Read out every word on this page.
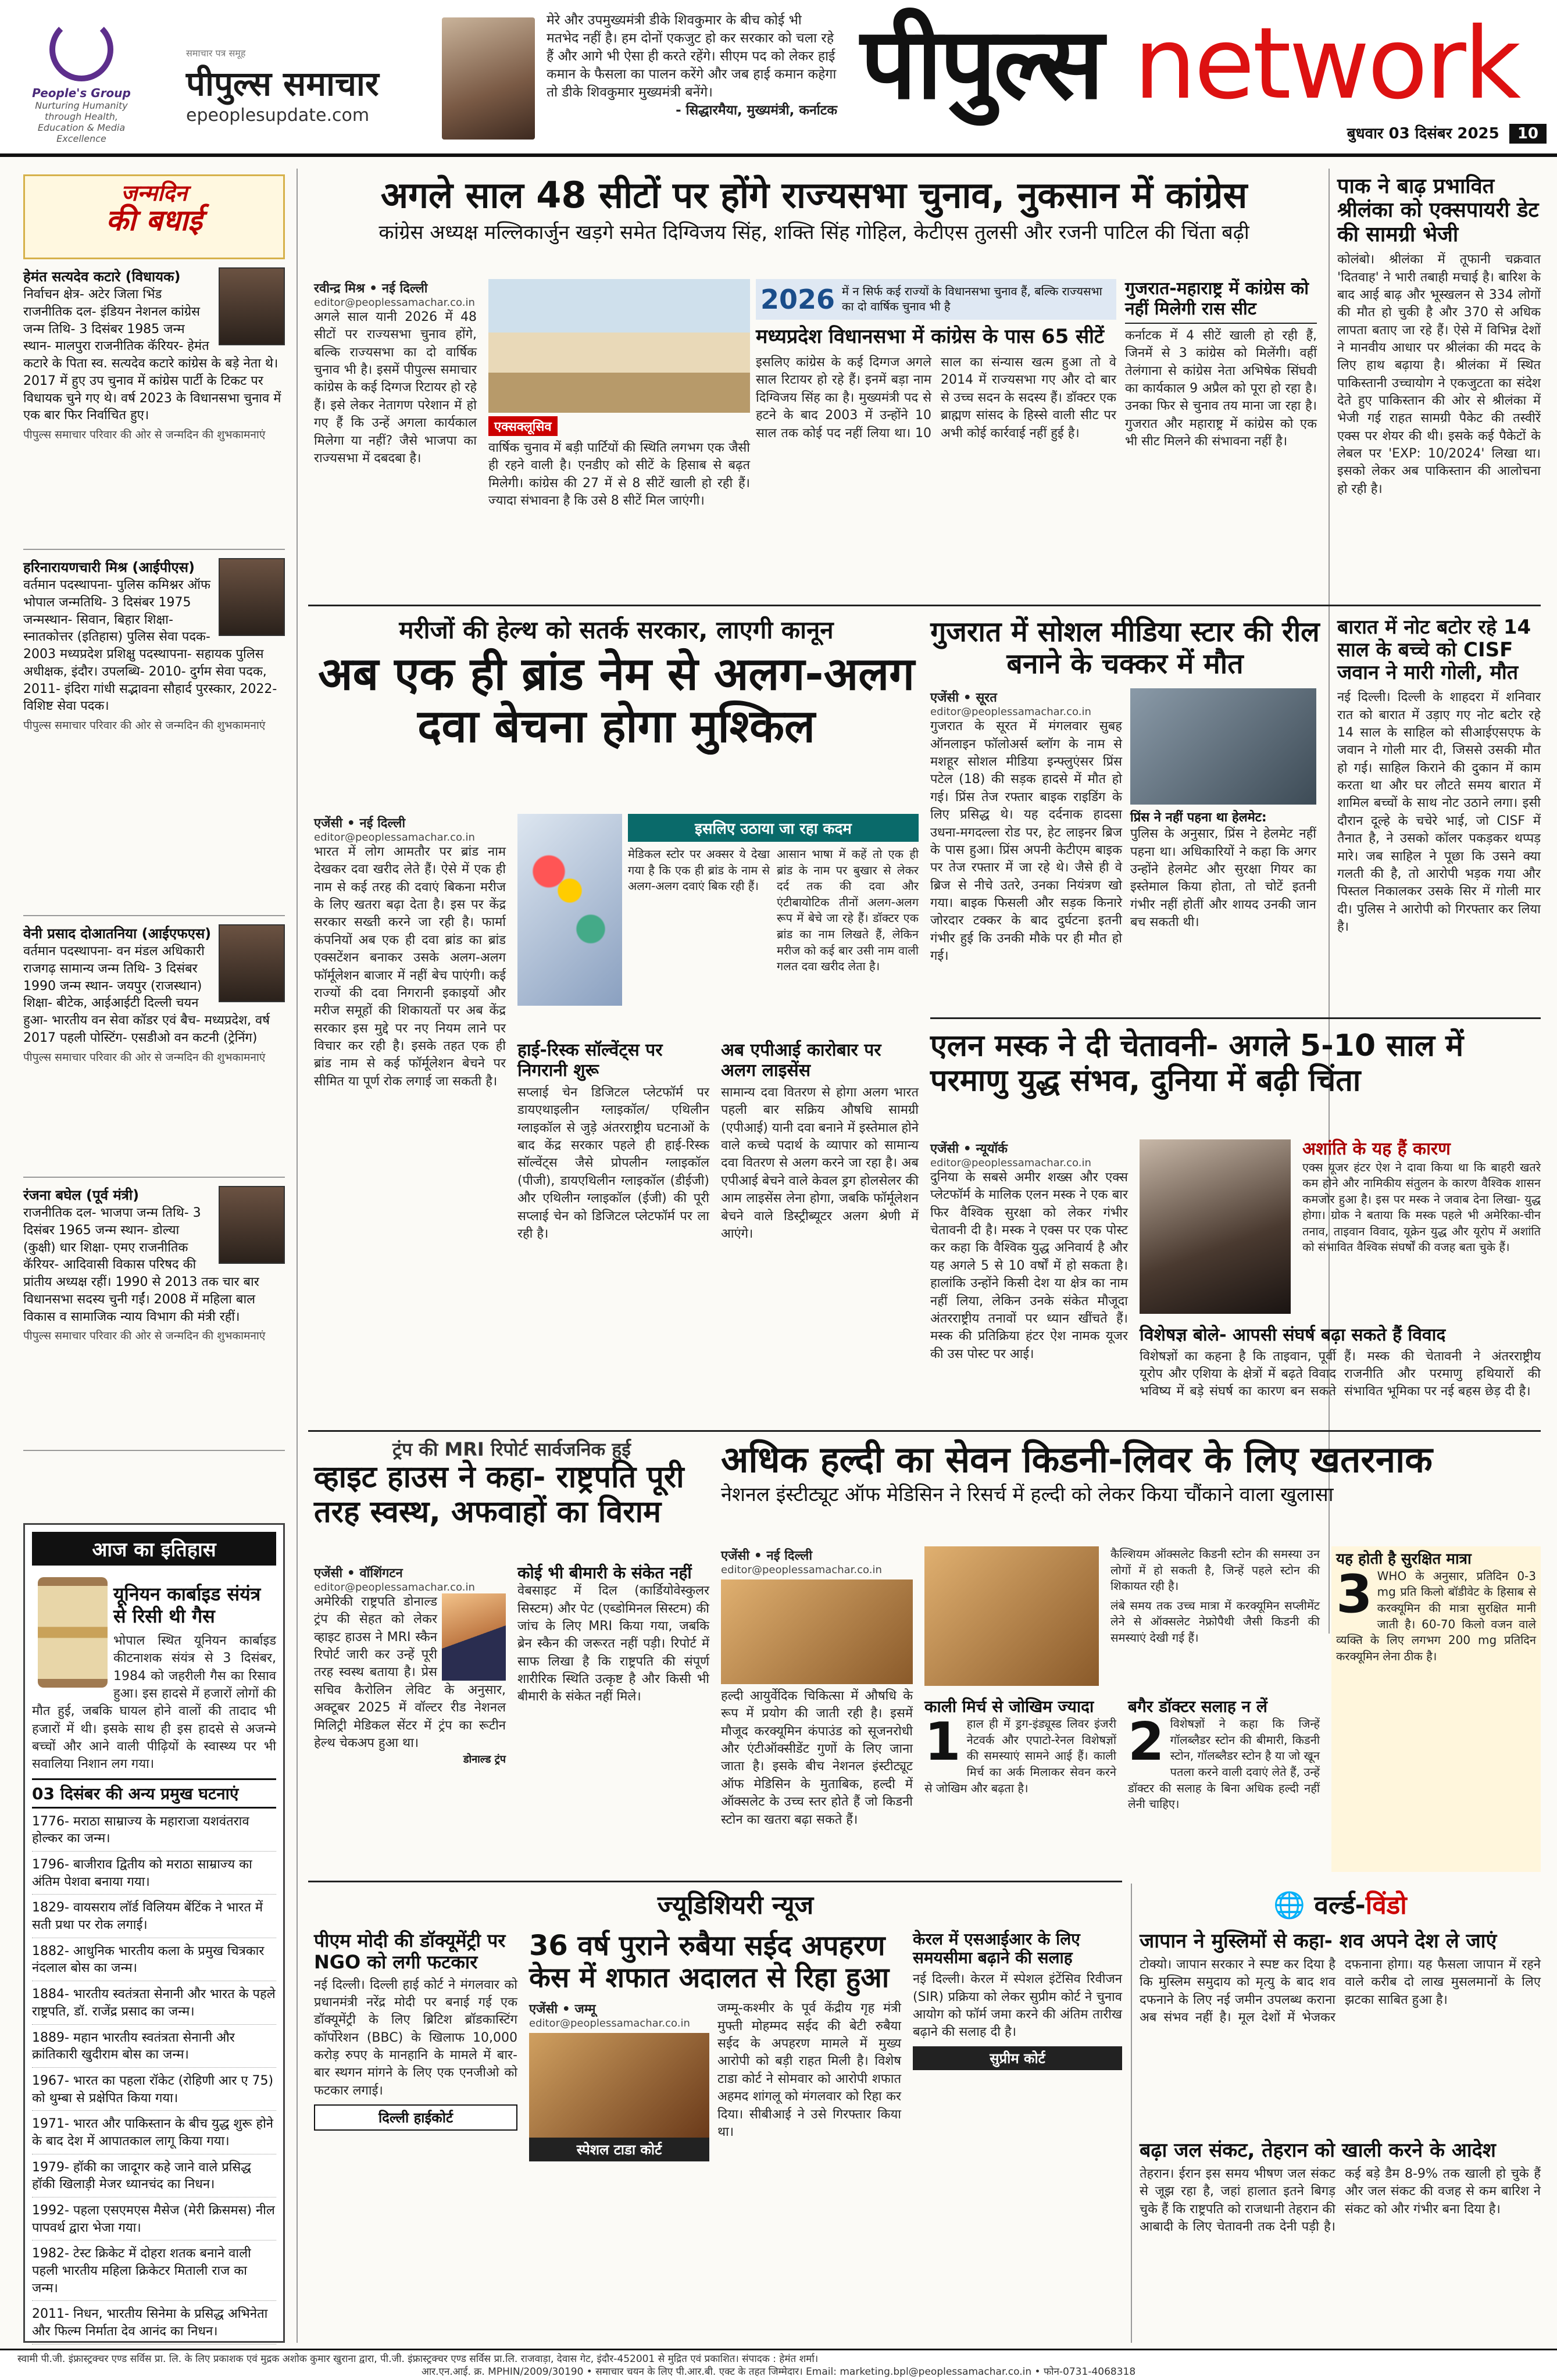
People's Group
Nurturing Humanity through Health, Education & Media Excellence
समाचार पत्र समूह
पीपुल्स समाचार
epeoplesupdate.com
मेरे और उपमुख्यमंत्री डीके शिवकुमार के बीच कोई भी मतभेद नहीं है। हम दोनों एकजुट हो कर सरकार को चला रहे हैं और आगे भी ऐसा ही करते रहेंगे। सीएम पद को लेकर हाई कमान के फैसला का पालन करेंगे और जब हाई कमान कहेगा तो डीके शिवकुमार मुख्यमंत्री बनेंगे।
- सिद्धारमैया, मुख्यमंत्री, कर्नाटक पीपुल्स network
बुधवार 03 दिसंबर 2025 10
जन्मदिन
की बधाई
हेमंत सत्यदेव कटारे (विधायक)
निर्वाचन क्षेत्र- अटेर जिला भिंड राजनीतिक दल- इंडियन नेशनल कांग्रेस जन्म तिथि- 3 दिसंबर 1985 जन्म स्थान- मालपुरा राजनीतिक कॅरियर- हेमंत कटारे के पिता स्व. सत्यदेव कटारे कांग्रेस के बड़े नेता थे। 2017 में हुए उप चुनाव में कांग्रेस पार्टी के टिकट पर विधायक चुने गए थे। वर्ष 2023 के विधानसभा चुनाव में एक बार फिर निर्वाचित हुए।
पीपुल्स समाचार परिवार की ओर से जन्मदिन की शुभकामनाएं
हरिनारायणचारी मिश्र (आईपीएस)
वर्तमान पदस्थापना- पुलिस कमिश्नर ऑफ भोपाल जन्मतिथि- 3 दिसंबर 1975 जन्मस्थान- सिवान, बिहार शिक्षा- स्नातकोत्तर (इतिहास) पुलिस सेवा पदक- 2003 मध्यप्रदेश प्रशिक्षु पदस्थापना- सहायक पुलिस अधीक्षक, इंदौर। उपलब्धि- 2010- दुर्गम सेवा पदक, 2011- इंदिरा गांधी सद्भावना सौहार्द पुरस्कार, 2022- विशिष्ट सेवा पदक।
पीपुल्स समाचार परिवार की ओर से जन्मदिन की शुभकामनाएं
वेनी प्रसाद दोआतनिया (आईएफएस)
वर्तमान पदस्थापना- वन मंडल अधिकारी राजगढ़ सामान्य जन्म तिथि- 3 दिसंबर 1990 जन्म स्थान- जयपुर (राजस्थान) शिक्षा- बीटेक, आईआईटी दिल्ली चयन हुआ- भारतीय वन सेवा कॉडर एवं बैच- मध्यप्रदेश, वर्ष 2017 पहली पोस्टिंग- एसडीओ वन कटनी (ट्रेनिंग)
पीपुल्स समाचार परिवार की ओर से जन्मदिन की शुभकामनाएं
रंजना बघेल (पूर्व मंत्री)
राजनीतिक दल- भाजपा जन्म तिथि- 3 दिसंबर 1965 जन्म स्थान- डोल्या (कुक्षी) धार शिक्षा- एमए राजनीतिक कॅरियर- आदिवासी विकास परिषद की प्रांतीय अध्यक्ष रहीं। 1990 से 2013 तक चार बार विधानसभा सदस्य चुनी गईं। 2008 में महिला बाल विकास व सामाजिक न्याय विभाग की मंत्री रहीं।
पीपुल्स समाचार परिवार की ओर से जन्मदिन की शुभकामनाएं
आज का इतिहास
यूनियन कार्बाइड संयंत्र से रिसी थी गैस
भोपाल स्थित यूनियन कार्बाइड कीटनाशक संयंत्र से 3 दिसंबर, 1984 को जहरीली गैस का रिसाव हुआ। इस हादसे में हजारों लोगों की मौत हुई, जबकि घायल होने वालों की तादाद भी हजारों में थी। इसके साथ ही इस हादसे से अजन्मे बच्चों और आने वाली पीढ़ियों के स्वास्थ्य पर भी सवालिया निशान लग गया।
03 दिसंबर की अन्य प्रमुख घटनाएं
1776- मराठा साम्राज्य के महाराजा यशवंतराव होल्कर का जन्म।
1796- बाजीराव द्वितीय को मराठा साम्राज्य का अंतिम पेशवा बनाया गया।
1829- वायसराय लॉर्ड विलियम बेंटिंक ने भारत में सती प्रथा पर रोक लगाई।
1882- आधुनिक भारतीय कला के प्रमुख चित्रकार नंदलाल बोस का जन्म।
1884- भारतीय स्वतंत्रता सेनानी और भारत के पहले राष्ट्रपति, डॉ. राजेंद्र प्रसाद का जन्म।
1889- महान भारतीय स्वतंत्रता सेनानी और क्रांतिकारी खुदीराम बोस का जन्म।
1967- भारत का पहला रॉकेट (रोहिणी आर ए 75) को थुम्बा से प्रक्षेपित किया गया।
1971- भारत और पाकिस्तान के बीच युद्ध शुरू होने के बाद देश में आपातकाल लागू किया गया।
1979- हॉकी का जादूगर कहे जाने वाले प्रसिद्ध हॉकी खिलाड़ी मेजर ध्यानचंद का निधन।
1992- पहला एसएमएस मैसेज (मेरी क्रिसमस) नील पापवर्थ द्वारा भेजा गया।
1982- टेस्ट क्रिकेट में दोहरा शतक बनाने वाली पहली भारतीय महिला क्रिकेटर मिताली राज का जन्म।
2011- निधन, भारतीय सिनेमा के प्रसिद्ध अभिनेता और फिल्म निर्माता देव आनंद का निधन।
अगले साल 48 सीटों पर होंगे राज्यसभा चुनाव, नुकसान में कांग्रेस
कांग्रेस अध्यक्ष मल्लिकार्जुन खड़गे समेत दिग्विजय सिंह, शक्ति सिंह गोहिल, केटीएस तुलसी और रजनी पाटिल की चिंता बढ़ी
रवीन्द्र मिश्र • नई दिल्ली
editor@peoplessamachar.co.in
अगले साल यानी 2026 में 48 सीटों पर राज्यसभा चुनाव होंगे, बल्कि राज्यसभा का दो वार्षिक चुनाव भी है। इसमें पीपुल्स समाचार कांग्रेस के कई दिग्गज रिटायर हो रहे हैं। इसे लेकर नेतागण परेशान में हो गए हैं कि उन्हें अगला कार्यकाल मिलेगा या नहीं? जैसे भाजपा का राज्यसभा में दबदबा है।
एक्सक्लूसिव
वार्षिक चुनाव में बड़ी पार्टियों की स्थिति लगभग एक जैसी ही रहने वाली है। एनडीए को सीटें के हिसाब से बढ़त मिलेगी। कांग्रेस की 27 में से 8 सीटें खाली हो रही हैं। ज्यादा संभावना है कि उसे 8 सीटें मिल जाएंगी।
2026 में न सिर्फ कई राज्यों के विधानसभा चुनाव हैं, बल्कि राज्यसभा का दो वार्षिक चुनाव भी है
मध्यप्रदेश विधानसभा में कांग्रेस के पास 65 सीटें
इसलिए कांग्रेस के कई दिग्गज अगले साल रिटायर हो रहे हैं। इनमें बड़ा नाम दिग्विजय सिंह का है। मुख्यमंत्री पद से हटने के बाद 2003 में उन्होंने 10 साल तक कोई पद नहीं लिया था। 10 साल का संन्यास खत्म हुआ तो वे 2014 में राज्यसभा गए और दो बार से उच्च सदन के सदस्य हैं। डॉक्टर एक ब्राह्मण सांसद के हिस्से वाली सीट पर अभी कोई कार्रवाई नहीं हुई है।
गुजरात-महाराष्ट्र में कांग्रेस को नहीं मिलेगी रास सीट
कर्नाटक में 4 सीटें खाली हो रही हैं, जिनमें से 3 कांग्रेस को मिलेंगी। वहीं तेलंगाना से कांग्रेस नेता अभिषेक सिंघवी का कार्यकाल 9 अप्रैल को पूरा हो रहा है। उनका फिर से चुनाव तय माना जा रहा है। गुजरात और महाराष्ट्र में कांग्रेस को एक भी सीट मिलने की संभावना नहीं है।
पाक ने बाढ़ प्रभावित श्रीलंका को एक्सपायरी डेट की सामग्री भेजी
कोलंबो। श्रीलंका में तूफानी चक्रवात 'दितवाह' ने भारी तबाही मचाई है। बारिश के बाद आई बाढ़ और भूस्खलन से 334 लोगों की मौत हो चुकी है और 370 से अधिक लापता बताए जा रहे हैं। ऐसे में विभिन्न देशों ने मानवीय आधार पर श्रीलंका की मदद के लिए हाथ बढ़ाया है। श्रीलंका में स्थित पाकिस्तानी उच्चायोग ने एकजुटता का संदेश देते हुए पाकिस्तान की ओर से श्रीलंका में भेजी गई राहत सामग्री पैकेट की तस्वीरें एक्स पर शेयर की थी। इसके कई पैकेटों के लेबल पर 'EXP: 10/2024' लिखा था। इसको लेकर अब पाकिस्तान की आलोचना हो रही है।
मरीजों की हेल्थ को सतर्क सरकार, लाएगी कानून
अब एक ही ब्रांड नेम से अलग-अलग दवा बेचना होगा मुश्किल
एजेंसी • नई दिल्ली
editor@peoplessamachar.co.in
भारत में लोग आमतौर पर ब्रांड नाम देखकर दवा खरीद लेते हैं। ऐसे में एक ही नाम से कई तरह की दवाएं बिकना मरीज के लिए खतरा बढ़ा देता है। इस पर केंद्र सरकार सख्ती करने जा रही है। फार्मा कंपनियों अब एक ही दवा ब्रांड का ब्रांड एक्सटेंशन बनाकर उसके अलग-अलग फॉर्मूलेशन बाजार में नहीं बेच पाएंगी। कई राज्यों की दवा निगरानी इकाइयों और मरीज समूहों की शिकायतों पर अब केंद्र सरकार इस मुद्दे पर नए नियम लाने पर विचार कर रही है। इसके तहत एक ही ब्रांड नाम से कई फॉर्मूलेशन बेचने पर सीमित या पूर्ण रोक लगाई जा सकती है।
इसलिए उठाया जा रहा कदम
मेडिकल स्टोर पर अक्सर ये देखा गया है कि एक ही ब्रांड के नाम से अलग-अलग दवाएं बिक रही हैं।
आसान भाषा में कहें तो एक ही ब्रांड के नाम पर बुखार से लेकर दर्द तक की दवा और एंटीबायोटिक तीनों अलग-अलग रूप में बेचे जा रहे हैं। डॉक्टर एक ब्रांड का नाम लिखते हैं, लेकिन मरीज को कई बार उसी नाम वाली गलत दवा खरीद लेता है।
हाई-रिस्क सॉल्वेंट्स पर निगरानी शुरू
सप्लाई चेन डिजिटल प्लेटफॉर्म पर डायएथाइलीन ग्लाइकॉल/ एथिलीन ग्लाइकॉल से जुड़े अंतरराष्ट्रीय घटनाओं के बाद केंद्र सरकार पहले ही हाई-रिस्क सॉल्वेंट्स जैसे प्रोपलीन ग्लाइकॉल (पीजी), डायएथिलीन ग्लाइकॉल (डीईजी) और एथिलीन ग्लाइकॉल (ईजी) की पूरी सप्लाई चेन को डिजिटल प्लेटफॉर्म पर ला रही है।
अब एपीआई कारोबार पर अलग लाइसेंस
सामान्य दवा वितरण से होगा अलग भारत पहली बार सक्रिय औषधि सामग्री (एपीआई) यानी दवा बनाने में इस्तेमाल होने वाले कच्चे पदार्थ के व्यापार को सामान्य दवा वितरण से अलग करने जा रहा है। अब एपीआई बेचने वाले केवल ड्रग होलसेलर की आम लाइसेंस लेना होगा, जबकि फॉर्मूलेशन बेचने वाले डिस्ट्रीब्यूटर अलग श्रेणी में आएंगे।
गुजरात में सोशल मीडिया स्टार की रील बनाने के चक्कर में मौत
एजेंसी • सूरत
editor@peoplessamachar.co.in
गुजरात के सूरत में मंगलवार सुबह ऑनलाइन फॉलोअर्स ब्लॉग के नाम से मशहूर सोशल मीडिया इन्फ्लुएंसर प्रिंस पटेल (18) की सड़क हादसे में मौत हो गई। प्रिंस तेज रफ्तार बाइक राइडिंग के लिए प्रसिद्ध थे। यह दर्दनाक हादसा उधना-मगदल्ला रोड पर, हेट लाइनर ब्रिज के पास हुआ। प्रिंस अपनी केटीएम बाइक पर तेज रफ्तार में जा रहे थे। जैसे ही वे ब्रिज से नीचे उतरे, उनका नियंत्रण खो गया। बाइक फिसली और सड़क किनारे जोरदार टक्कर के बाद दुर्घटना इतनी गंभीर हुई कि उनकी मौके पर ही मौत हो गई।
प्रिंस ने नहीं पहना था हेलमेट:
पुलिस के अनुसार, प्रिंस ने हेलमेट नहीं पहना था। अधिकारियों ने कहा कि अगर उन्होंने हेलमेट और सुरक्षा गियर का इस्तेमाल किया होता, तो चोटें इतनी गंभीर नहीं होतीं और शायद उनकी जान बच सकती थी।
बारात में नोट बटोर रहे 14 साल के बच्चे को CISF जवान ने मारी गोली, मौत
नई दिल्ली। दिल्ली के शाहदरा में शनिवार रात को बारात में उड़ाए गए नोट बटोर रहे 14 साल के साहिल को सीआईएसएफ के जवान ने गोली मार दी, जिससे उसकी मौत हो गई। साहिल किराने की दुकान में काम करता था और घर लौटते समय बारात में शामिल बच्चों के साथ नोट उठाने लगा। इसी दौरान दूल्हे के चचेरे भाई, जो CISF में तैनात है, ने उसको कॉलर पकड़कर थप्पड़ मारे। जब साहिल ने पूछा कि उसने क्या गलती की है, तो आरोपी भड़क गया और पिस्तल निकालकर उसके सिर में गोली मार दी। पुलिस ने आरोपी को गिरफ्तार कर लिया है।
एलन मस्क ने दी चेतावनी- अगले 5-10 साल में परमाणु युद्ध संभव, दुनिया में बढ़ी चिंता
एजेंसी • न्यूयॉर्क
editor@peoplessamachar.co.in
दुनिया के सबसे अमीर शख्स और एक्स प्लेटफॉर्म के मालिक एलन मस्क ने एक बार फिर वैश्विक सुरक्षा को लेकर गंभीर चेतावनी दी है। मस्क ने एक्स पर एक पोस्ट कर कहा कि वैश्विक युद्ध अनिवार्य है और यह अगले 5 से 10 वर्षों में हो सकता है। हालांकि उन्होंने किसी देश या क्षेत्र का नाम नहीं लिया, लेकिन उनके संकेत मौजूदा अंतरराष्ट्रीय तनावों पर ध्यान खींचते हैं। मस्क की प्रतिक्रिया हंटर ऐश नामक यूजर की उस पोस्ट पर आई।
अशांति के यह हैं कारण
एक्स यूजर हंटर ऐश ने दावा किया था कि बाहरी खतरे कम होने और नामिकीय संतुलन के कारण वैश्विक शासन कमजोर हुआ है। इस पर मस्क ने जवाब देना लिखा- युद्ध होगा। ग्रोक ने बताया कि मस्क पहले भी अमेरिका-चीन तनाव, ताइवान विवाद, यूक्रेन युद्ध और यूरोप में अशांति को संभावित वैश्विक संघर्षों की वजह बता चुके हैं।
विशेषज्ञ बोले- आपसी संघर्ष बढ़ा सकते हैं विवाद
विशेषज्ञों का कहना है कि ताइवान, पूर्वी यूरोप और एशिया के क्षेत्रों में बढ़ते विवाद भविष्य में बड़े संघर्ष का कारण बन सकते हैं। मस्क की चेतावनी ने अंतरराष्ट्रीय राजनीति और परमाणु हथियारों की संभावित भूमिका पर नई बहस छेड़ दी है।
ट्रंप की MRI रिपोर्ट सार्वजनिक हुई
व्हाइट हाउस ने कहा- राष्ट्रपति पूरी तरह स्वस्थ, अफवाहों का विराम
एजेंसी • वॉशिंगटन
editor@peoplessamachar.co.in
अमेरिकी राष्ट्रपति डोनाल्ड ट्रंप की सेहत को लेकर व्हाइट हाउस ने MRI स्कैन रिपोर्ट जारी कर उन्हें पूरी तरह स्वस्थ बताया है। प्रेस सचिव कैरोलिन लेविट के अनुसार, अक्टूबर 2025 में वॉल्टर रीड नेशनल मिलिट्री मेडिकल सेंटर में ट्रंप का रूटीन हेल्थ चेकअप हुआ था।
डोनाल्ड ट्रंप
कोई भी बीमारी के संकेत नहीं
वेबसाइट में दिल (कार्डियोवेस्कुलर सिस्टम) और पेट (एब्डोमिनल सिस्टम) की जांच के लिए MRI किया गया, जबकि ब्रेन स्कैन की जरूरत नहीं पड़ी। रिपोर्ट में साफ लिखा है कि राष्ट्रपति की संपूर्ण शारीरिक स्थिति उत्कृष्ट है और किसी भी बीमारी के संकेत नहीं मिले।
अधिक हल्दी का सेवन किडनी-लिवर के लिए खतरनाक
नेशनल इंस्टीट्यूट ऑफ मेडिसिन ने रिसर्च में हल्दी को लेकर किया चौंकाने वाला खुलासा
एजेंसी • नई दिल्ली
editor@peoplessamachar.co.in
हल्दी आयुर्वेदिक चिकित्सा में औषधि के रूप में प्रयोग की जाती रही है। इसमें मौजूद करक्यूमिन कंपाउंड को सूजनरोधी और एंटीऑक्सीडेंट गुणों के लिए जाना जाता है। इसके बीच नेशनल इंस्टीट्यूट ऑफ मेडिसिन के मुताबिक, हल्दी में ऑक्सलेट के उच्च स्तर होते हैं जो किडनी स्टोन का खतरा बढ़ा सकते हैं।
कैल्शियम ऑक्सलेट किडनी स्टोन की समस्या उन लोगों में हो सकती है, जिन्हें पहले स्टोन की शिकायत रही है।
लंबे समय तक उच्च मात्रा में करक्यूमिन सप्लीमेंट लेने से ऑक्सलेट नेफ्रोपैथी जैसी किडनी की समस्याएं देखी गई हैं।
काली मिर्च से जोखिम ज्यादा
1 हाल ही में ड्रग-इंड्यूस्ड लिवर इंजरी नेटवर्क और एपाटो-रेनल विशेषज्ञों की समस्याएं सामने आई हैं। काली मिर्च का अर्क मिलाकर सेवन करने से जोखिम और बढ़ता है।
बगैर डॉक्टर सलाह न लें
2 विशेषज्ञों ने कहा कि जिन्हें गॉलब्लैडर स्टोन की बीमारी, किडनी स्टोन, गॉलब्लैडर स्टोन है या जो खून पतला करने वाली दवाएं लेते हैं, उन्हें डॉक्टर की सलाह के बिना अधिक हल्दी नहीं लेनी चाहिए।
यह होती है सुरक्षित मात्रा
3 WHO के अनुसार, प्रतिदिन 0-3 mg प्रति किलो बॉडीवेट के हिसाब से करक्यूमिन की मात्रा सुरक्षित मानी जाती है। 60-70 किलो वजन वाले व्यक्ति के लिए लगभग 200 mg प्रतिदिन करक्यूमिन लेना ठीक है।
ज्यूडिशियरी न्यूज
पीएम मोदी की डॉक्यूमेंट्री पर NGO को लगी फटकार
नई दिल्ली। दिल्ली हाई कोर्ट ने मंगलवार को प्रधानमंत्री नरेंद्र मोदी पर बनाई गई एक डॉक्यूमेंट्री के लिए ब्रिटिश ब्रॉडकास्टिंग कॉर्पोरेशन (BBC) के खिलाफ 10,000 करोड़ रुपए के मानहानि के मामले में बार-बार स्थगन मांगने के लिए एक एनजीओ को फटकार लगाई।
दिल्ली हाईकोर्ट
36 वर्ष पुराने रुबैया सईद अपहरण केस में शफात अदालत से रिहा हुआ
एजेंसी • जम्मू
editor@peoplessamachar.co.in
स्पेशल टाडा कोर्ट
जम्मू-कश्मीर के पूर्व केंद्रीय गृह मंत्री मुफ्ती मोहम्मद सईद की बेटी रुबैया सईद के अपहरण मामले में मुख्य आरोपी को बड़ी राहत मिली है। विशेष टाडा कोर्ट ने सोमवार को आरोपी शफात अहमद शांगलू को मंगलवार को रिहा कर दिया। सीबीआई ने उसे गिरफ्तार किया था।
केरल में एसआईआर के लिए समयसीमा बढ़ाने की सलाह
नई दिल्ली। केरल में स्पेशल इंटेंसिव रिवीजन (SIR) प्रक्रिया को लेकर सुप्रीम कोर्ट ने चुनाव आयोग को फॉर्म जमा करने की अंतिम तारीख बढ़ाने की सलाह दी है।
सुप्रीम कोर्ट
🌐 वर्ल्ड-विंडो
जापान ने मुस्लिमों से कहा- शव अपने देश ले जाएं
टोक्यो। जापान सरकार ने स्पष्ट कर दिया है कि मुस्लिम समुदाय को मृत्यु के बाद शव दफनाने के लिए नई जमीन उपलब्ध कराना अब संभव नहीं है। मूल देशों में भेजकर दफनाना होगा। यह फैसला जापान में रहने वाले करीब दो लाख मुसलमानों के लिए झटका साबित हुआ है।
बढ़ा जल संकट, तेहरान को खाली करने के आदेश
तेहरान। ईरान इस समय भीषण जल संकट से जूझ रहा है, जहां हालात इतने बिगड़ चुके हैं कि राष्ट्रपति को राजधानी तेहरान की आबादी के लिए चेतावनी तक देनी पड़ी है। कई बड़े डैम 8-9% तक खाली हो चुके हैं और जल संकट की वजह से कम बारिश ने संकट को और गंभीर बना दिया है।
स्वामी पी.जी. इंफ्रास्ट्रक्चर एण्ड सर्विस प्रा. लि. के लिए प्रकाशक एवं मुद्रक अशोक कुमार खुराना द्वारा, पी.जी. इंफ्रास्ट्रक्चर एण्ड सर्विस प्रा.लि. राजवाड़ा, देवास गेट, इंदौर-452001 से मुद्रित एवं प्रकाशित। संपादक : हेमंत शर्मा।
आर.एन.आई. क्र. MPHIN/2009/30190 • समाचार चयन के लिए पी.आर.बी. एक्ट के तहत जिम्मेदार। Email: marketing.bpl@peoplessamachar.co.in • फोन-0731-4068318
